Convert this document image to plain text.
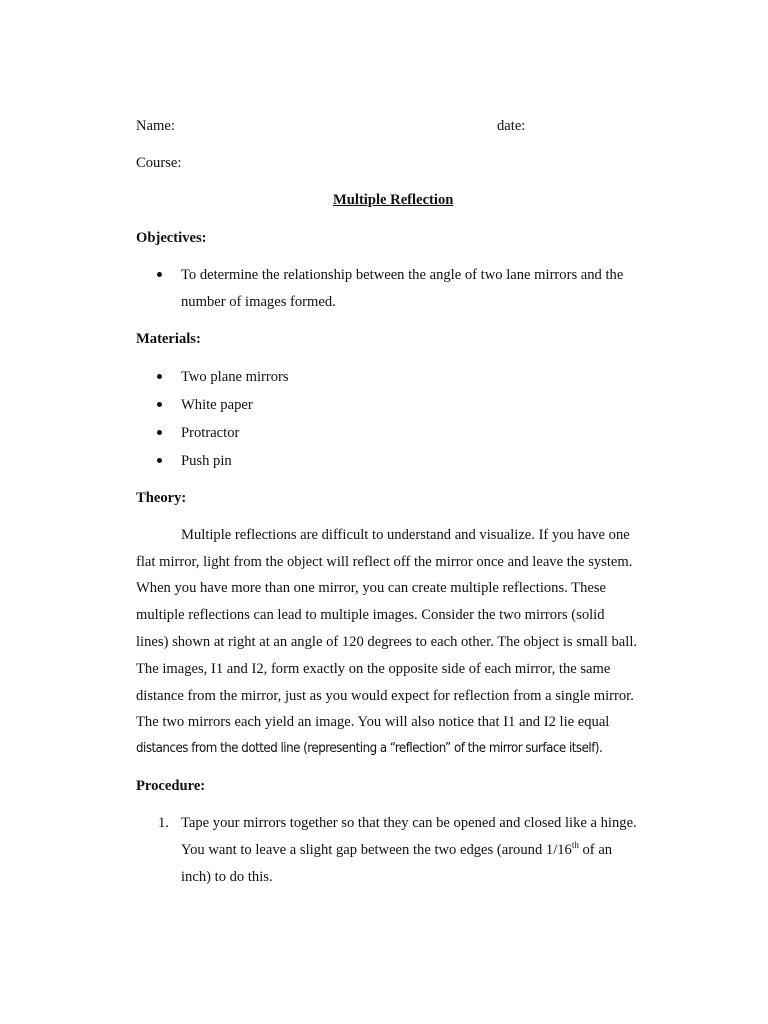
Name:	date:
Course:
Multiple Reflection
Objectives:
To determine the relationship between the angle of two lane mirrors and the
number of images formed.
Materials:
Two plane mirrors
White paper
Protractor
Push pin
Theory:
Multiple reflections are difficult to understand and visualize. If you have one
flat mirror, light from the object will reflect off the mirror once and leave the system.
When you have more than one mirror, you can create multiple reflections. These
multiple reflections can lead to multiple images. Consider the two mirrors (solid
lines) shown at right at an angle of 120 degrees to each other. The object is small ball.
The images, I1 and I2, form exactly on the opposite side of each mirror, the same
distance from the mirror, just as you would expect for reflection from a single mirror.
The two mirrors each yield an image. You will also notice that I1 and I2 lie equal
distances from the dotted line (representing a “reflection” of the mirror surface itself).
Procedure:
1. Tape your mirrors together so that they can be opened and closed like a hinge.
You want to leave a slight gap between the two edges (around 1/16th of an
inch) to do this.
